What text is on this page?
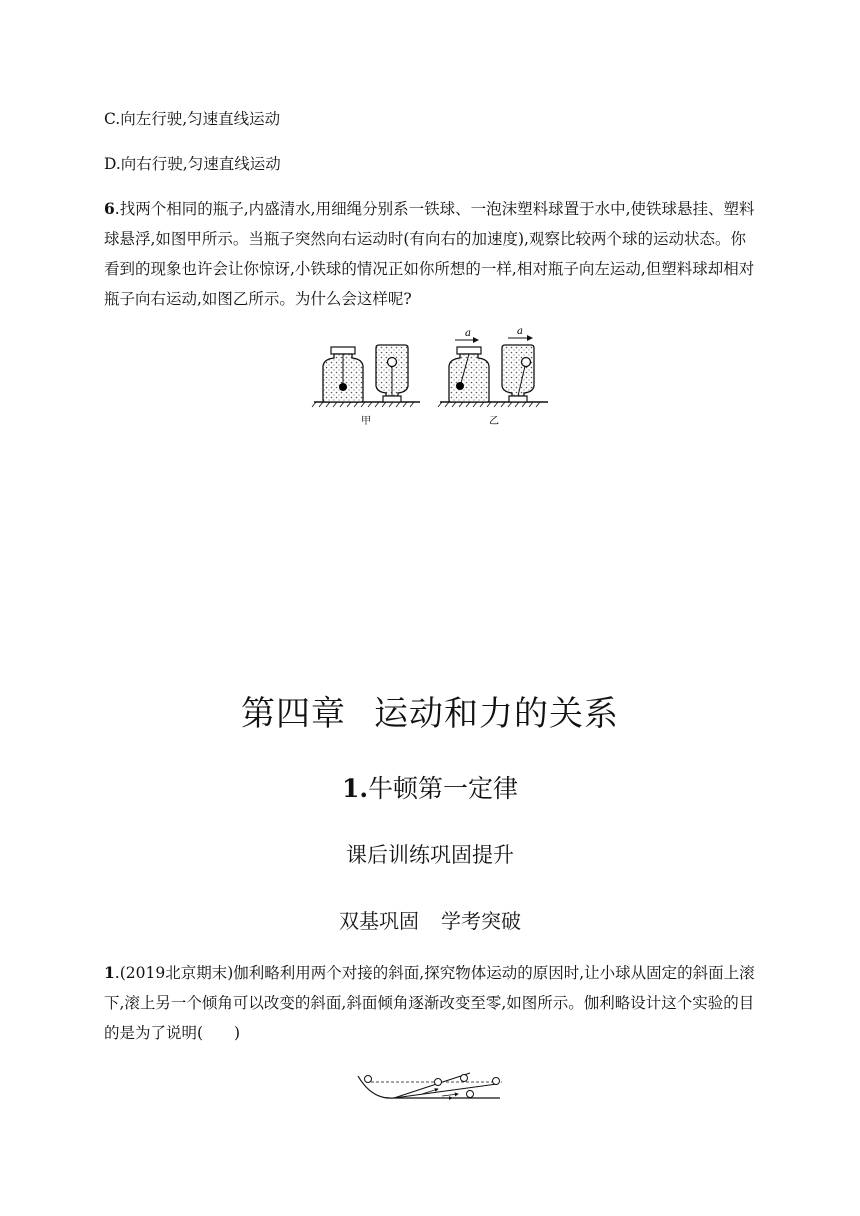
C.向左行驶,匀速直线运动
D.向右行驶,匀速直线运动
6.找两个相同的瓶子,内盛清水,用细绳分别系一铁球、一泡沫塑料球置于水中,使铁球悬挂、塑料球悬浮,如图甲所示。当瓶子突然向右运动时(有向右的加速度),观察比较两个球的运动状态。你看到的现象也许会让你惊讶,小铁球的情况正如你所想的一样,相对瓶子向左运动,但塑料球却相对瓶子向右运动,如图乙所示。为什么会这样呢?
甲
a	a
乙
第四章 运动和力的关系
1.牛顿第一定律
课后训练巩固提升
双基巩固 学考突破
1.(2019北京期末)伽利略利用两个对接的斜面,探究物体运动的原因时,让小球从固定的斜面上滚下,滚上另一个倾角可以改变的斜面,斜面倾角逐渐改变至零,如图所示。伽利略设计这个实验的目的是为了说明(　　)
